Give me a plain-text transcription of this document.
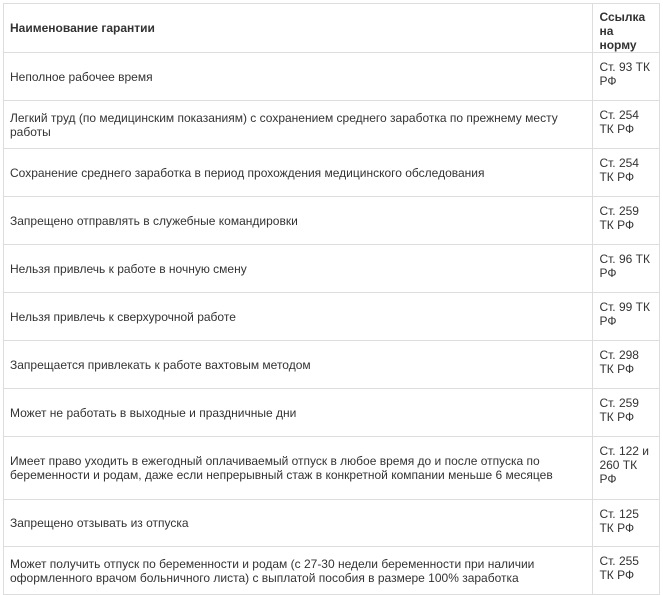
Наименование гарантии	Ссылка на норму
Неполное рабочее время	Ст. 93 ТК РФ
Легкий труд (по медицинским показаниям) с сохранением среднего заработка по прежнему месту работы	Ст. 254 ТК РФ
Сохранение среднего заработка в период прохождения медицинского обследования	Ст. 254 ТК РФ
Запрещено отправлять в служебные командировки	Ст. 259 ТК РФ
Нельзя привлечь к работе в ночную смену	Ст. 96 ТК РФ
Нельзя привлечь к сверхурочной работе	Ст. 99 ТК РФ
Запрещается привлекать к работе вахтовым методом	Ст. 298 ТК РФ
Может не работать в выходные и праздничные дни	Ст. 259 ТК РФ
Имеет право уходить в ежегодный оплачиваемый отпуск в любое время до и после отпуска по беременности и родам, даже если непрерывный стаж в конкретной компании меньше 6 месяцев	Ст. 122 и 260 ТК РФ
Запрещено отзывать из отпуска	Ст. 125 ТК РФ
Может получить отпуск по беременности и родам (с 27-30 недели беременности при наличии оформленного врачом больничного листа) с выплатой пособия в размере 100% заработка	Ст. 255 ТК РФ
